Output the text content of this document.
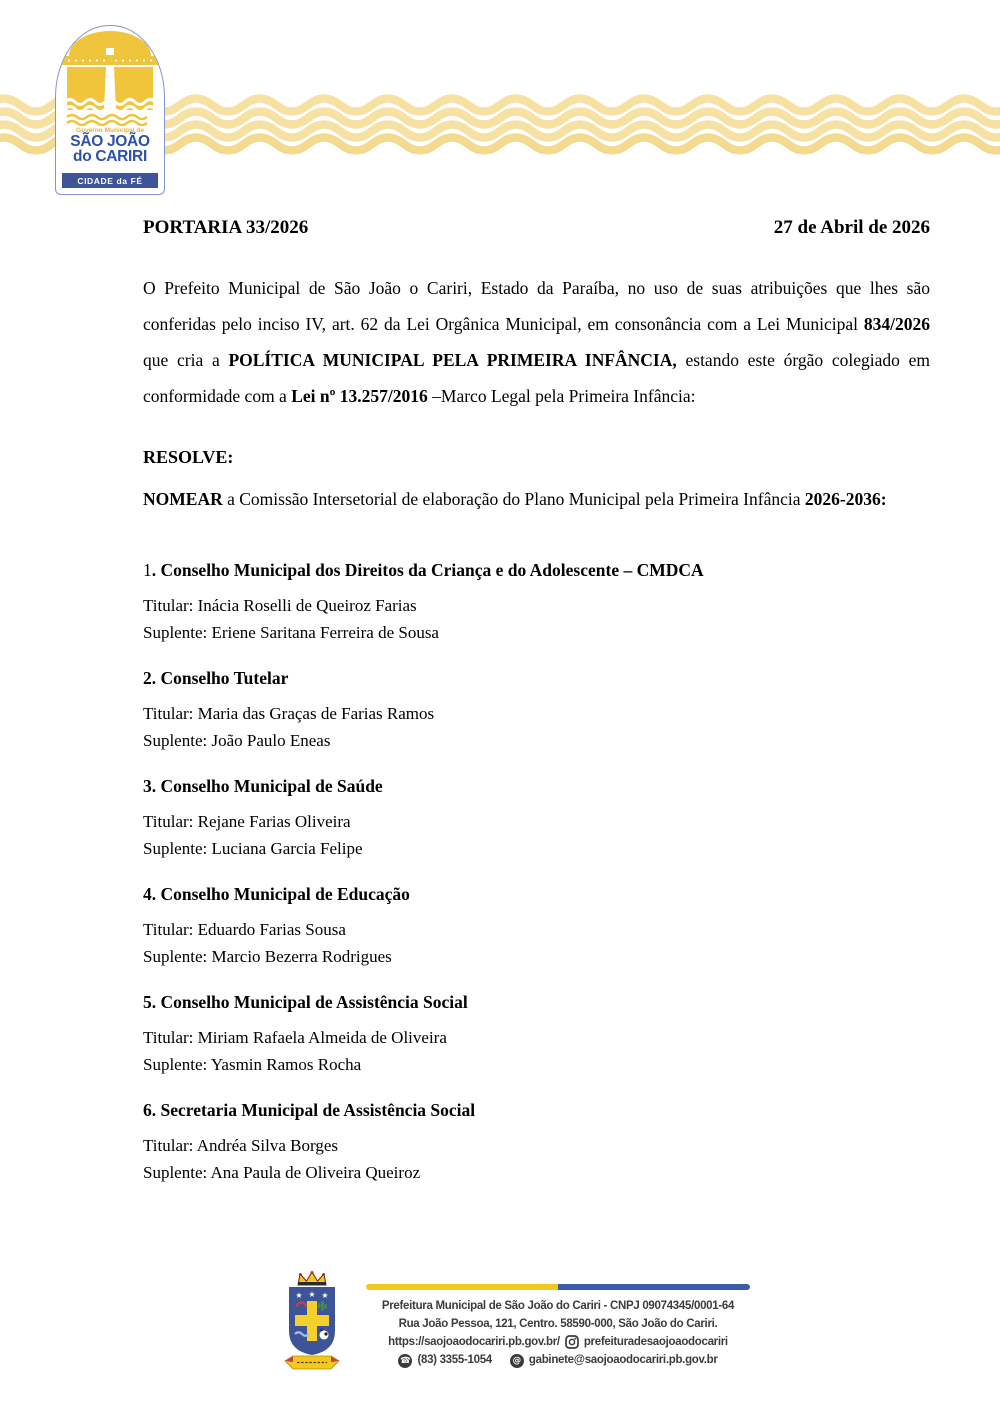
Governo Municipal de
SÃO JOÃO
do CARIRI
CIDADE da FÉ
PORTARIA 33/2026	27 de Abril de 2026

O Prefeito Municipal de São João o Cariri, Estado da Paraíba, no uso de suas atribuições que lhes são conferidas pelo inciso IV, art. 62 da Lei Orgânica Municipal, em consonância com a Lei Municipal 834/2026 que cria a POLÍTICA MUNICIPAL PELA PRIMEIRA INFÂNCIA, estando este órgão colegiado em conformidade com a Lei nº 13.257/2016 –Marco Legal pela Primeira Infância:

RESOLVE:

NOMEAR a Comissão Intersetorial de elaboração do Plano Municipal pela Primeira Infância 2026-2036:

1. Conselho Municipal dos Direitos da Criança e do Adolescente – CMDCA

Titular: Inácia Roselli de Queiroz Farias

Suplente: Eriene Saritana Ferreira de Sousa

2. Conselho Tutelar

Titular: Maria das Graças de Farias Ramos

Suplente: João Paulo Eneas

3. Conselho Municipal de Saúde

Titular: Rejane Farias Oliveira

Suplente: Luciana Garcia Felipe

4. Conselho Municipal de Educação

Titular: Eduardo Farias Sousa

Suplente: Marcio Bezerra Rodrigues

5. Conselho Municipal de Assistência Social

Titular: Miriam Rafaela Almeida de Oliveira

Suplente: Yasmin Ramos Rocha

6. Secretaria Municipal de Assistência Social

Titular: Andréa Silva Borges

Suplente: Ana Paula de Oliveira Queiroz

★ ★ ★
Prefeitura Municipal de São João do Cariri - CNPJ 09074345/0001-64
Rua João Pessoa, 121, Centro. 58590-000, São João do Cariri.
https://saojoaodocariri.pb.gov.br/ prefeituradesaojoaodocariri
☎ (83) 3355-1054	@ gabinete@saojoaodocariri.pb.gov.br
